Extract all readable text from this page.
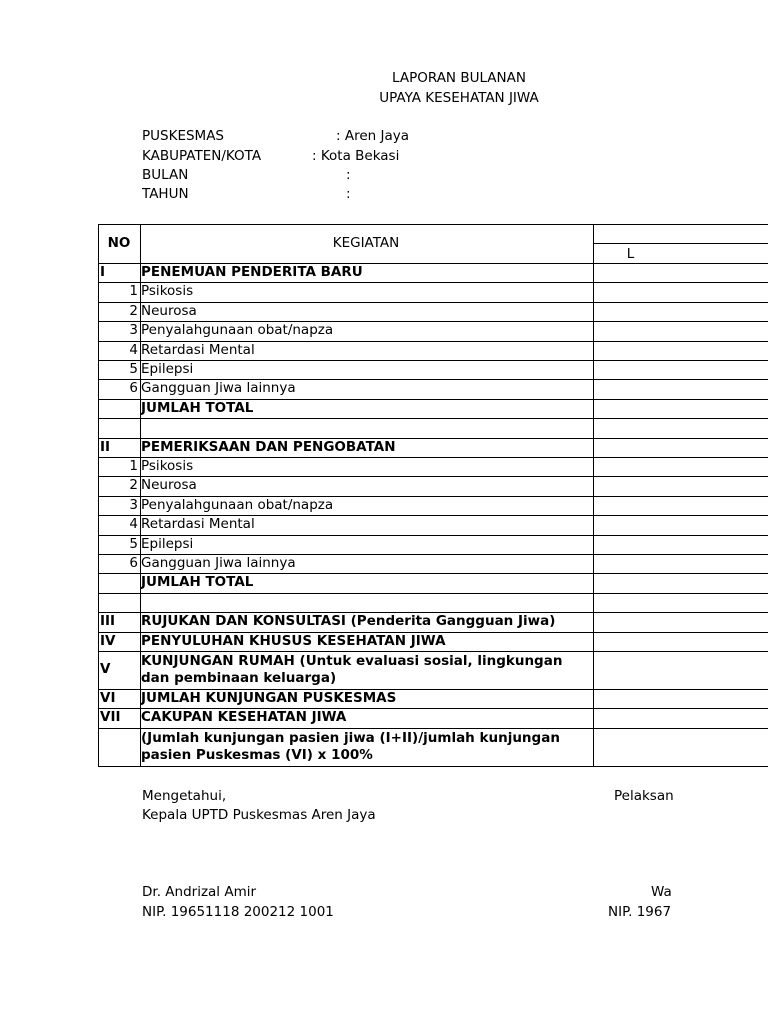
LAPORAN BULANAN
UPAYA KESEHATAN JIWA
PUSKESMAS	: Aren Jaya
KABUPATEN/KOTA	: Kota Bekasi
BULAN	:
TAHUN	:
NO	KEGIATAN
L
I	PENEMUAN PENDERITA BARU
1 Psikosis
2 Neurosa
3 Penyalahgunaan obat/napza
4 Retardasi Mental
5 Epilepsi
6 Gangguan Jiwa lainnya
JUMLAH TOTAL
II PEMERIKSAAN DAN PENGOBATAN
1 Psikosis
2 Neurosa
3 Penyalahgunaan obat/napza
4 Retardasi Mental
5 Epilepsi
6 Gangguan Jiwa lainnya
JUMLAH TOTAL
III RUJUKAN DAN KONSULTASI (Penderita Gangguan Jiwa)
IV PENYULUHAN KHUSUS KESEHATAN JIWA
V KUNJUNGAN RUMAH (Untuk evaluasi sosial, lingkungan dan pembinaan keluarga)
VI JUMLAH KUNJUNGAN PUSKESMAS
VII CAKUPAN KESEHATAN JIWA
(Jumlah kunjungan pasien jiwa (I+II)/jumlah kunjungan pasien Puskesmas (VI) x 100%
Mengetahui,
Kepala UPTD Puskesmas Aren Jaya
Dr. Andrizal Amir
NIP. 19651118 200212 1001
Pelaksan
Wa
NIP. 1967
